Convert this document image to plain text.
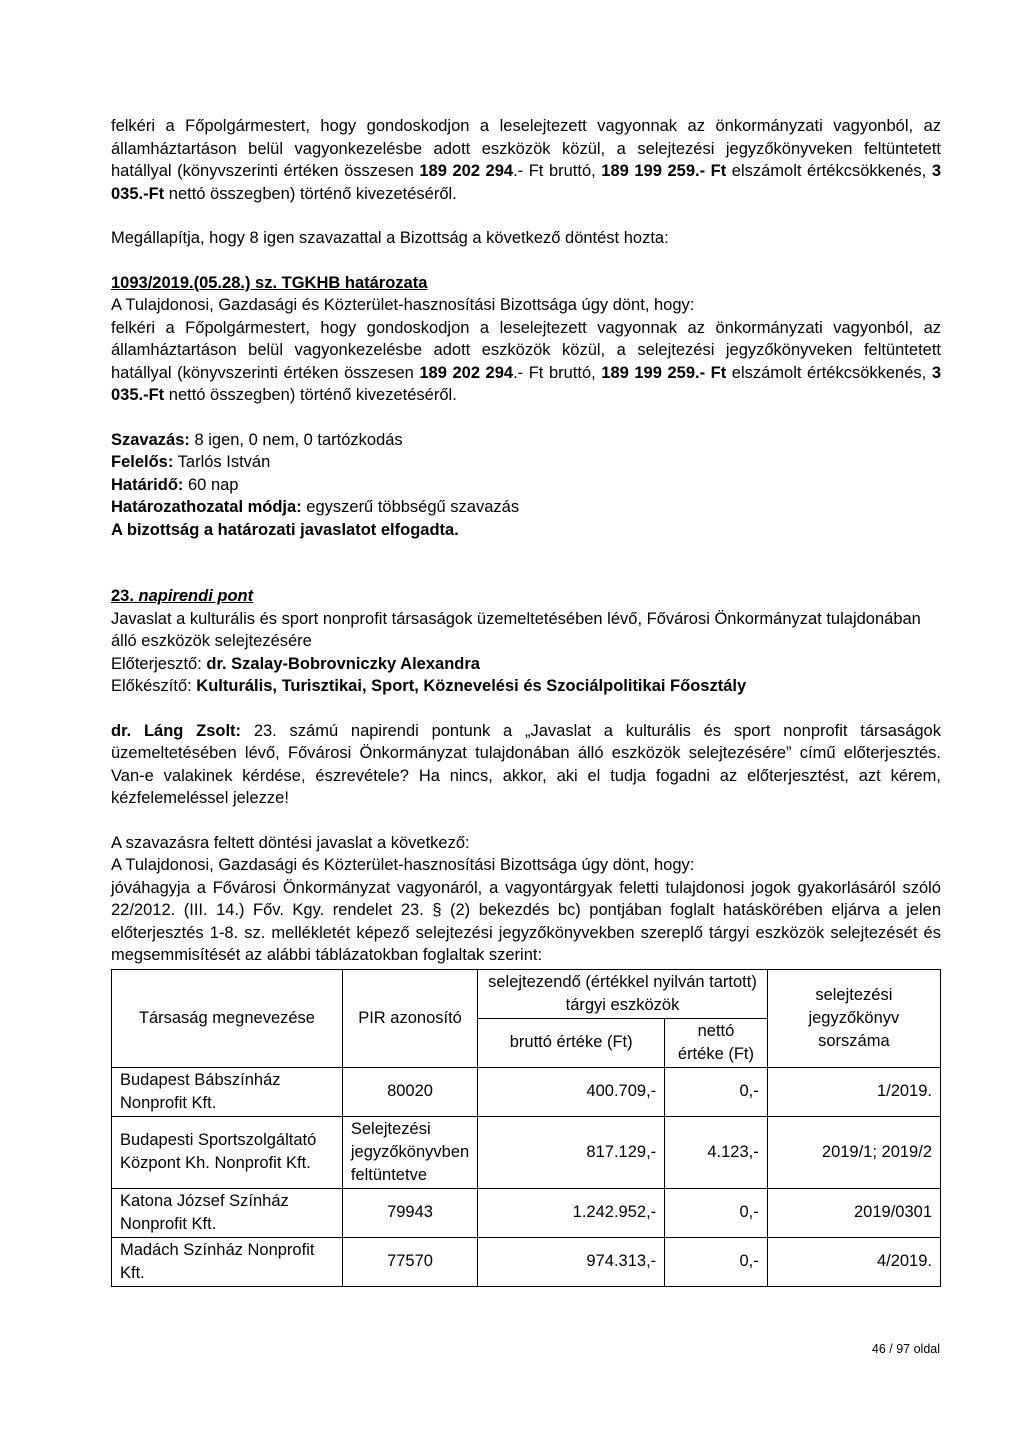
felkéri a Főpolgármestert, hogy gondoskodjon a leselejtezett vagyonnak az önkormányzati vagyonból, az államháztartáson belül vagyonkezelésbe adott eszközök közül, a selejtezési jegyzőkönyveken feltüntetett hatállyal (könyvszerinti értéken összesen 189 202 294.- Ft bruttó, 189 199 259.- Ft elszámolt értékcsökkenés, 3 035.-Ft nettó összegben) történő kivezetéséről.

Megállapítja, hogy 8 igen szavazattal a Bizottság a következő döntést hozta:

1093/2019.(05.28.) sz. TGKHB határozata

A Tulajdonosi, Gazdasági és Közterület-hasznosítási Bizottsága úgy dönt, hogy:

felkéri a Főpolgármestert, hogy gondoskodjon a leselejtezett vagyonnak az önkormányzati vagyonból, az államháztartáson belül vagyonkezelésbe adott eszközök közül, a selejtezési jegyzőkönyveken feltüntetett hatállyal (könyvszerinti értéken összesen 189 202 294.- Ft bruttó, 189 199 259.- Ft elszámolt értékcsökkenés, 3 035.-Ft nettó összegben) történő kivezetéséről.

Szavazás: 8 igen, 0 nem, 0 tartózkodás

Felelős: Tarlós István

Határidő: 60 nap

Határozathozatal módja: egyszerű többségű szavazás

A bizottság a határozati javaslatot elfogadta.

23. napirendi pont

Javaslat a kulturális és sport nonprofit társaságok üzemeltetésében lévő, Fővárosi Önkormányzat tulajdonában álló eszközök selejtezésére

Előterjesztő: dr. Szalay-Bobrovniczky Alexandra

Előkészítő: Kulturális, Turisztikai, Sport, Köznevelési és Szociálpolitikai Főosztály

dr. Láng Zsolt: 23. számú napirendi pontunk a „Javaslat a kulturális és sport nonprofit társaságok üzemeltetésében lévő, Fővárosi Önkormányzat tulajdonában álló eszközök selejtezésére” című előterjesztés. Van-e valakinek kérdése, észrevétele? Ha nincs, akkor, aki el tudja fogadni az előterjesztést, azt kérem, kézfelemeléssel jelezze!

A szavazásra feltett döntési javaslat a következő:

A Tulajdonosi, Gazdasági és Közterület-hasznosítási Bizottsága úgy dönt, hogy:

jóváhagyja a Fővárosi Önkormányzat vagyonáról, a vagyontárgyak feletti tulajdonosi jogok gyakorlásáról szóló 22/2012. (III. 14.) Főv. Kgy. rendelet 23. § (2) bekezdés bc) pontjában foglalt hatáskörében eljárva a jelen előterjesztés 1-8. sz. mellékletét képező selejtezési jegyzőkönyvekben szereplő tárgyi eszközök selejtezését és megsemmisítését az alábbi táblázatokban foglaltak szerint:

Társaság megnevezése	PIR azonosító	selejtezendő (értékkel nyilván tartott) tárgyi eszközök		selejtezési jegyzőkönyv sorszáma
		bruttó értéke (Ft)	nettó értéke (Ft)	
Budapest Bábszínház Nonprofit Kft.	80020	400.709,-	0,-	1/2019.
Budapesti Sportszolgáltató Központ Kh. Nonprofit Kft.	Selejtezési jegyzőkönyvben feltüntetve	817.129,-	4.123,-	2019/1; 2019/2
Katona József Színház Nonprofit Kft.	79943	1.242.952,-	0,-	2019/0301
Madách Színház Nonprofit Kft.	77570	974.313,-	0,-	4/2019.
46 / 97 oldal
